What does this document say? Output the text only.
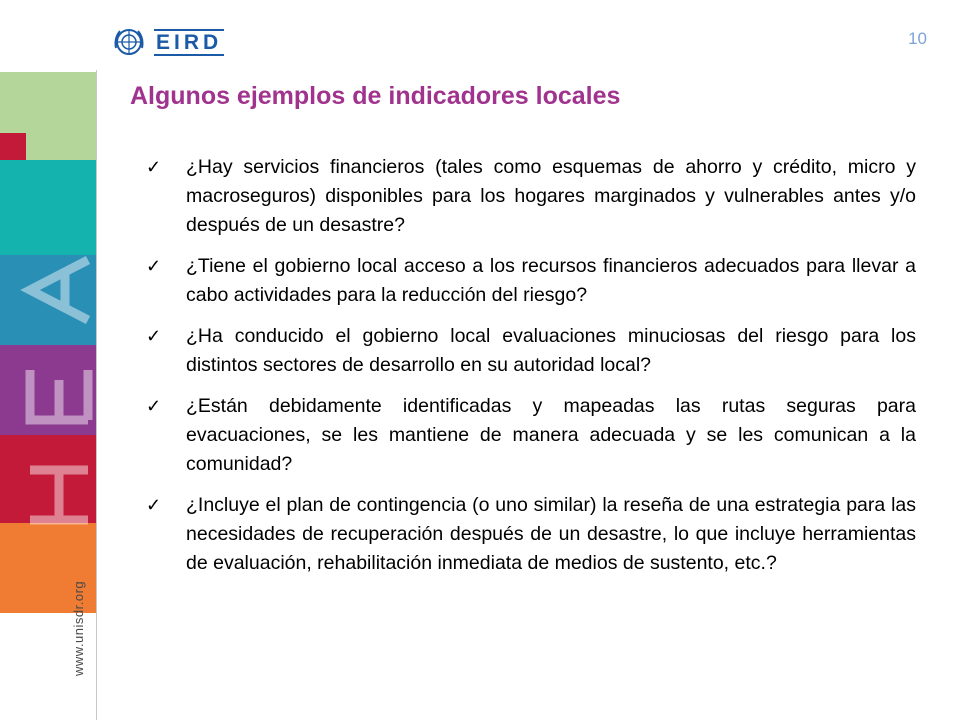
www.unisdr.org
EIRD	10
Algunos ejemplos de indicadores locales
✓	¿Hay servicios financieros (tales como esquemas de ahorro y crédito, micro y macroseguros) disponibles para los hogares marginados y vulnerables antes y/o después de un desastre?
✓	¿Tiene el gobierno local acceso a los recursos financieros adecuados para llevar a cabo actividades para la reducción del riesgo?
✓	¿Ha conducido el gobierno local evaluaciones minuciosas del riesgo para los distintos sectores de desarrollo en su autoridad local?
✓	¿Están debidamente identificadas y mapeadas las rutas seguras para evacuaciones, se les mantiene de manera adecuada y se les comunican a la comunidad?
✓	¿Incluye el plan de contingencia (o uno similar) la reseña de una estrategia para las necesidades de recuperación después de un desastre, lo que incluye herramientas de evaluación, rehabilitación inmediata de medios de sustento, etc.?
